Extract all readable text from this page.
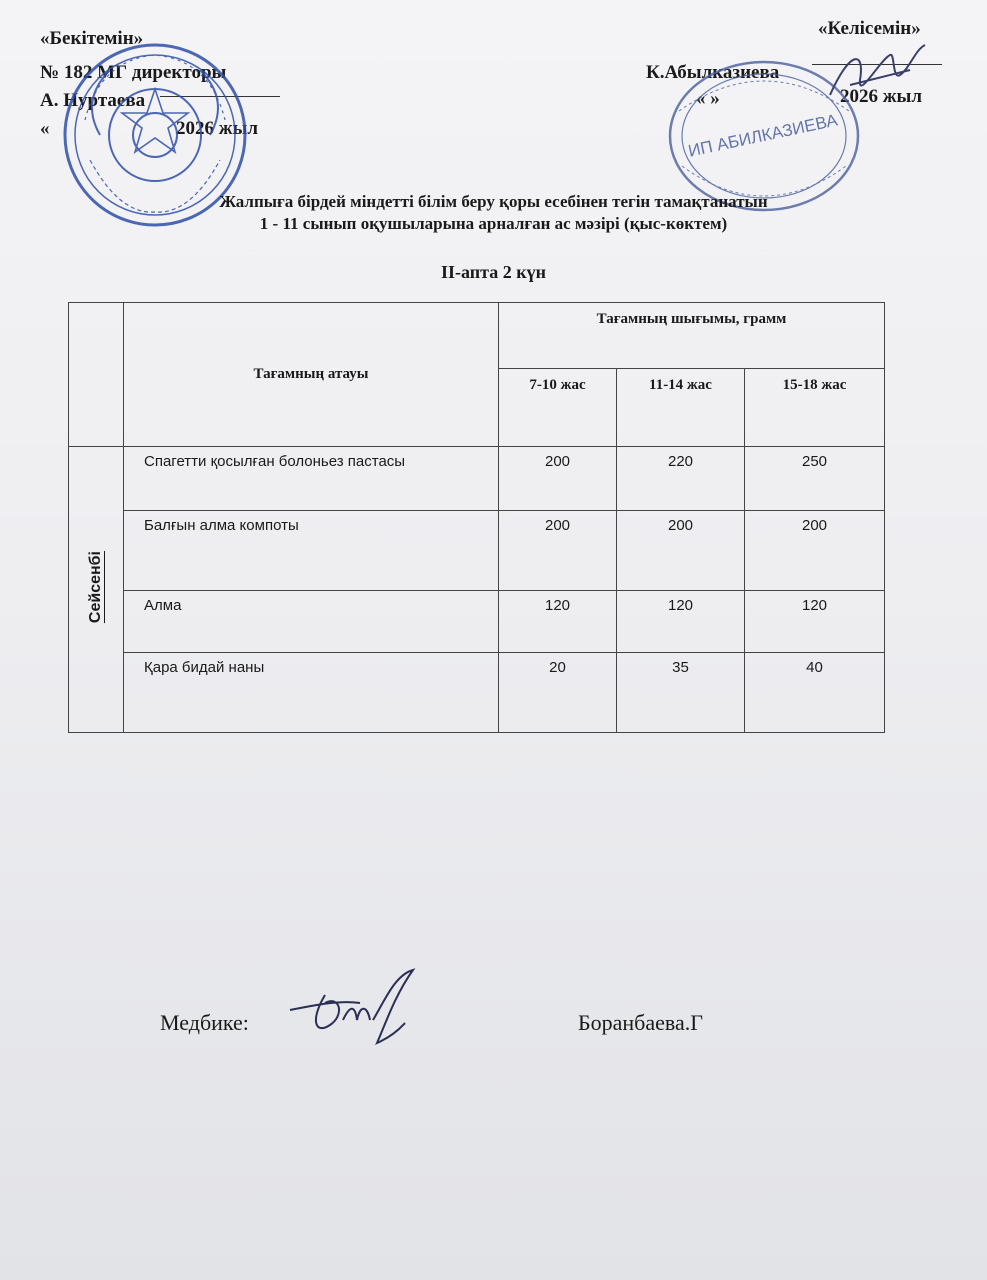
«Бекітемін»
№ 182 МГ директоры
А. Нуртаева
«	2026 жыл
«Келісемін»
К.Абылказиева
« »	2026 жыл
ИП АБИЛКАЗИЕВА
Жалпыға бірдей міндетті білім беру қоры есебінен тегін тамақтанатын
1 - 11 сынып оқушыларына арналған ас мәзірі (қыс-көктем)
II-апта 2 күн
	Тағамның атауы	Тағамның шығымы, грамм		
		7-10 жас	11-14 жас	15-18 жас
Сейсенбі	Спагетти қосылған болоньез пастасы	200	220	250
	Балғын алма компоты	200	200	200
	Алма	120	120	120
	Қара бидай наны	20	35	40
Медбике:	Боранбаева.Г
